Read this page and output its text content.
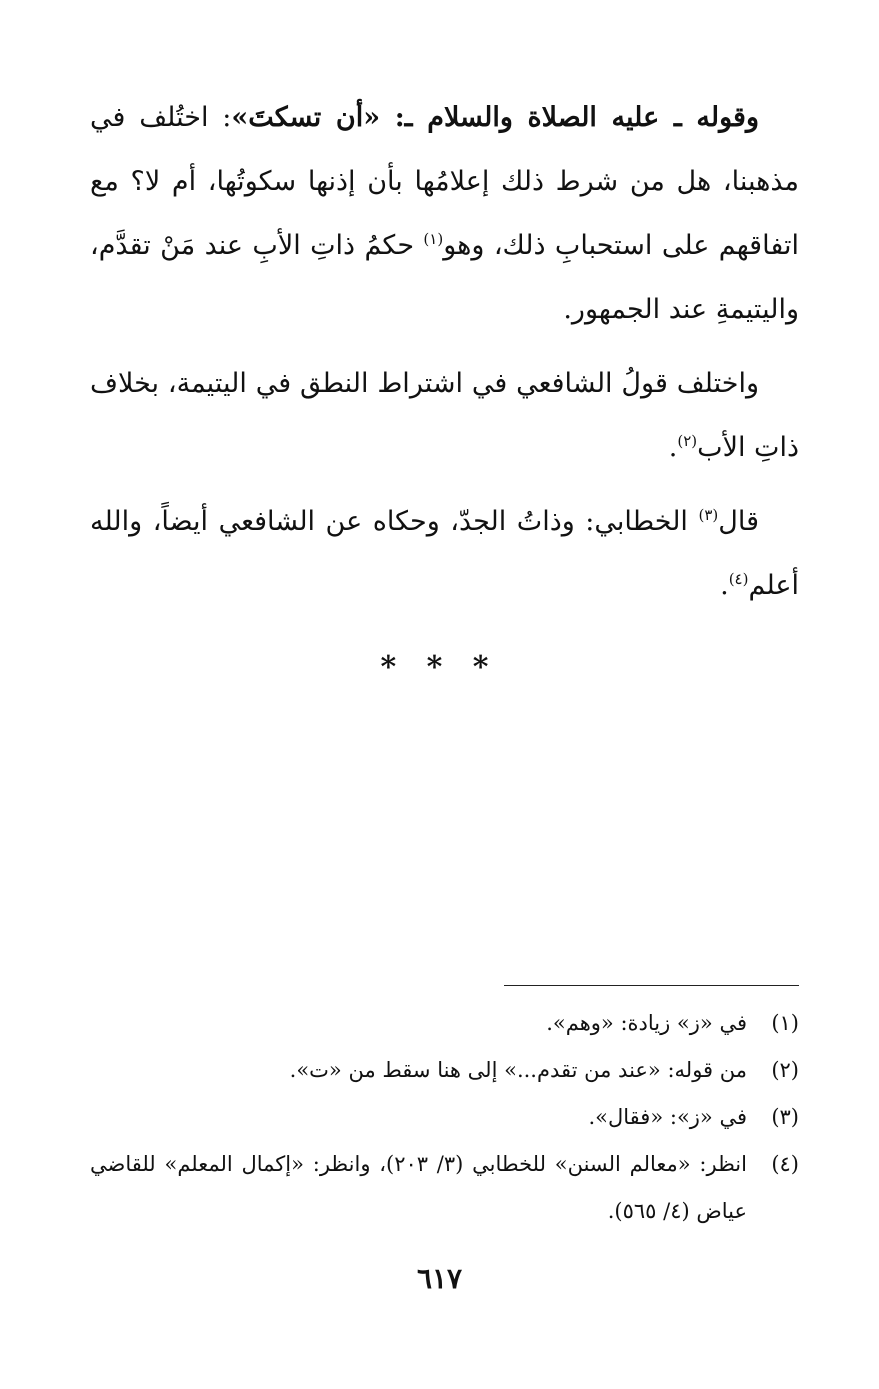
وقوله ـ عليه الصلاة والسلام ـ: «أن تسكتَ»: اختُلف في مذهبنا، هل من شرط ذلك إعلامُها بأن إذنها سكوتُها، أم لا؟ مع اتفاقهم على استحبابِ ذلك، وهو$^{(١)}$ حكمُ ذاتِ الأبِ عند مَنْ تقدَّم، واليتيمةِ عند الجمهور.

واختلف قولُ الشافعي في اشتراط النطق في اليتيمة، بخلاف ذاتِ الأب$^{(٢)}$.

قال$^{(٣)}$ الخطابي: وذاتُ الجدّ، وحكاه عن الشافعي أيضاً، والله أعلم$^{(٤)}$.

* * *
(١)
في «ز» زيادة: «وهم».
(٢)
من قوله: «عند من تقدم...» إلى هنا سقط من «ت».
(٣)
في «ز»: «فقال».
(٤)
انظر: «معالم السنن» للخطابي (٣/ ٢٠٣)، وانظر: «إكمال المعلم» للقاضي عياض (٤/ ٥٦٥).
٦١٧
